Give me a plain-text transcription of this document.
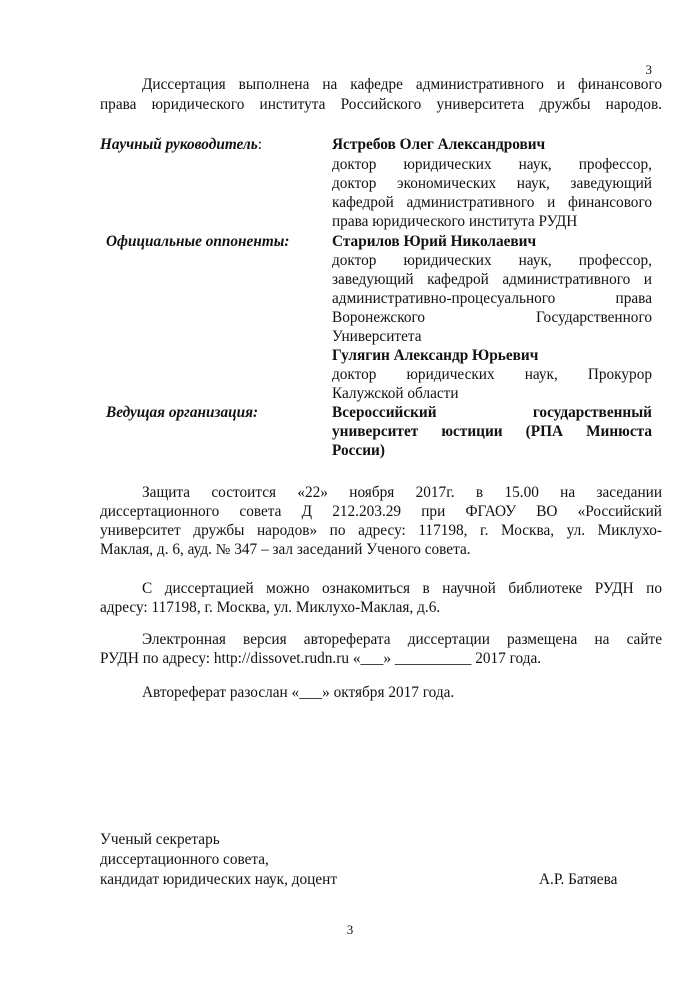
3
Диссертация выполнена на кафедре административного и финансового
права юридического института Российского университета дружбы народов.
Научный руководитель:	Ястребов Олег Александрович
доктор юридических наук, профессор,
доктор экономических наук, заведующий
кафедрой административного и финансового
права юридического института РУДН
Официальные оппоненты:	Старилов Юрий Николаевич
доктор юридических наук, профессор,
заведующий кафедрой административного и
административно-процесуального права
Воронежского Государственного
Университета
Гулягин Александр Юрьевич
доктор юридических наук, Прокурор
Калужской области
Ведущая организация:	Всероссийский государственный
университет юстиции (РПА Минюста
России)
Защита состоится «22» ноября 2017г. в 15.00 на заседании
диссертационного совета Д 212.203.29 при ФГАОУ ВО «Российский
университет дружбы народов» по адресу: 117198, г. Москва, ул. Миклухо-
Маклая, д. 6, ауд. № 347 – зал заседаний Ученого совета.
С диссертацией можно ознакомиться в научной библиотеке РУДН по
адресу: 117198, г. Москва, ул. Миклухо-Маклая, д.6.
Электронная версия автореферата диссертации размещена на сайте
РУДН по адресу: http://dissovet.rudn.ru «___» __________ 2017 года.
Автореферат разослан «___» октября 2017 года.
Ученый секретарь
диссертационного совета,
кандидат юридических наук, доцент	А.Р. Батяева
3
